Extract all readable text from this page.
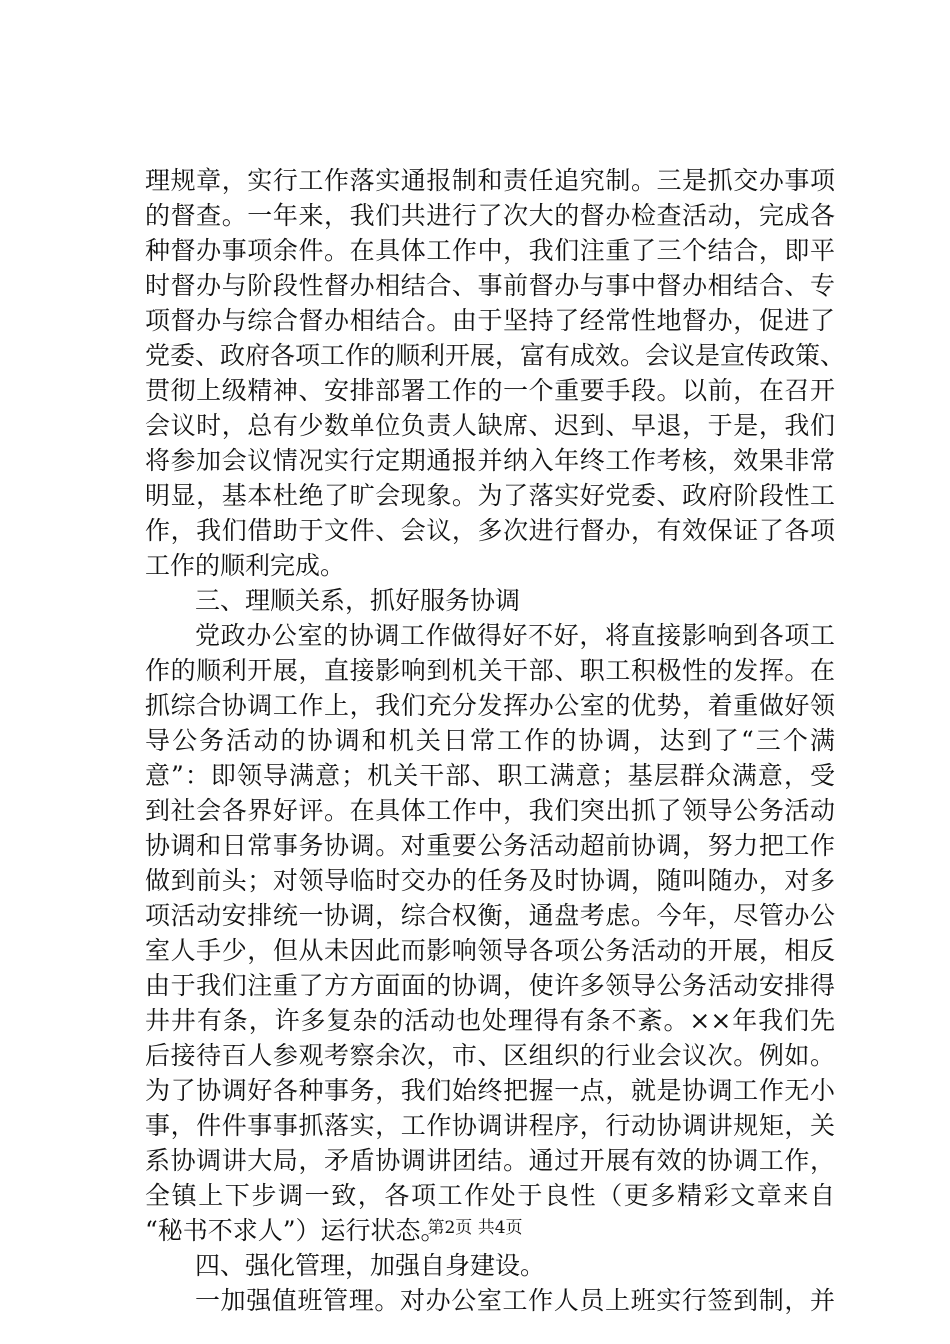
理规章，实行工作落实通报制和责任追究制。三是抓交办事项
的督查。一年来，我们共进行了次大的督办检查活动，完成各
种督办事项余件。在具体工作中，我们注重了三个结合，即平
时督办与阶段性督办相结合、事前督办与事中督办相结合、专
项督办与综合督办相结合。由于坚持了经常性地督办，促进了
党委、政府各项工作的顺利开展，富有成效。会议是宣传政策、
贯彻上级精神、安排部署工作的一个重要手段。以前，在召开
会议时，总有少数单位负责人缺席、迟到、早退，于是，我们
将参加会议情况实行定期通报并纳入年终工作考核，效果非常
明显，基本杜绝了旷会现象。为了落实好党委、政府阶段性工
作，我们借助于文件、会议，多次进行督办，有效保证了各项
工作的顺利完成。
三、理顺关系，抓好服务协调
党政办公室的协调工作做得好不好，将直接影响到各项工
作的顺利开展，直接影响到机关干部、职工积极性的发挥。在
抓综合协调工作上，我们充分发挥办公室的优势，着重做好领
导公务活动的协调和机关日常工作的协调，达到了“三个满
意”：即领导满意；机关干部、职工满意；基层群众满意，受
到社会各界好评。在具体工作中，我们突出抓了领导公务活动
协调和日常事务协调。对重要公务活动超前协调，努力把工作
做到前头；对领导临时交办的任务及时协调，随叫随办，对多
项活动安排统一协调，综合权衡，通盘考虑。今年，尽管办公
室人手少，但从未因此而影响领导各项公务活动的开展，相反
由于我们注重了方方面面的协调，使许多领导公务活动安排得
井井有条，许多复杂的活动也处理得有条不紊。××年我们先
后接待百人参观考察余次，市、区组织的行业会议次。例如。
为了协调好各种事务，我们始终把握一点，就是协调工作无小
事，件件事事抓落实，工作协调讲程序，行动协调讲规矩，关
系协调讲大局，矛盾协调讲团结。通过开展有效的协调工作，
全镇上下步调一致，各项工作处于良性（更多精彩文章来自
“秘书不求人”）运行状态。
四、强化管理，加强自身建设。
一加强值班管理。对办公室工作人员上班实行签到制，并
第2页 共4页
